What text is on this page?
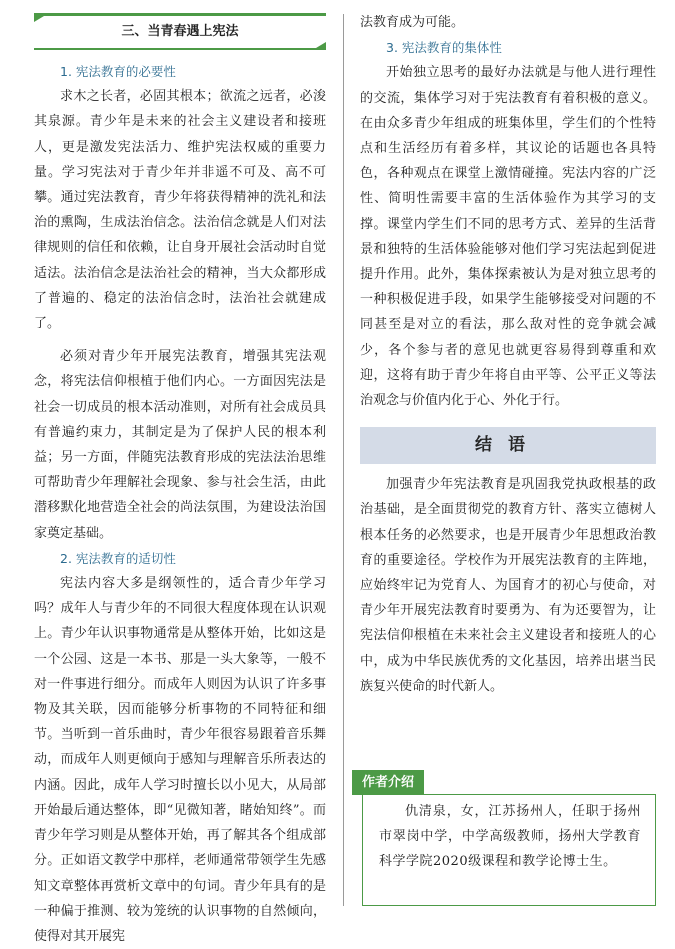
三、当青春遇上宪法

1. 宪法教育的必要性

求木之长者，必固其根本；欲流之远者，必浚其泉源。青少年是未来的社会主义建设者和接班人，更是激发宪法活力、维护宪法权威的重要力量。学习宪法对于青少年并非遥不可及、高不可攀。通过宪法教育，青少年将获得精神的洗礼和法治的熏陶，生成法治信念。法治信念就是人们对法律规则的信任和依赖，让自身开展社会活动时自觉适法。法治信念是法治社会的精神，当大众都形成了普遍的、稳定的法治信念时，法治社会就建成了。

必须对青少年开展宪法教育，增强其宪法观念，将宪法信仰根植于他们内心。一方面因宪法是社会一切成员的根本活动准则，对所有社会成员具有普遍约束力，其制定是为了保护人民的根本利益；另一方面，伴随宪法教育形成的宪法法治思维可帮助青少年理解社会现象、参与社会生活，由此潜移默化地营造全社会的尚法氛围，为建设法治国家奠定基础。

2. 宪法教育的适切性

宪法内容大多是纲领性的，适合青少年学习吗？成年人与青少年的不同很大程度体现在认识观上。青少年认识事物通常是从整体开始，比如这是一个公园、这是一本书、那是一头大象等，一般不对一件事进行细分。而成年人则因为认识了许多事物及其关联，因而能够分析事物的不同特征和细节。当听到一首乐曲时，青少年很容易跟着音乐舞动，而成年人则更倾向于感知与理解音乐所表达的内涵。因此，成年人学习时擅长以小见大，从局部开始最后通达整体，即“见微知著，睹始知终”。而青少年学习则是从整体开始，再了解其各个组成部分。正如语文教学中那样，老师通常带领学生先感知文章整体再赏析文章中的句词。青少年具有的是一种偏于推测、较为笼统的认识事物的自然倾向，使得对其开展宪

法教育成为可能。

3. 宪法教育的集体性

开始独立思考的最好办法就是与他人进行理性的交流，集体学习对于宪法教育有着积极的意义。在由众多青少年组成的班集体里，学生们的个性特点和生活经历有着多样，其议论的话题也各具特色，各种观点在课堂上激情碰撞。宪法内容的广泛性、简明性需要丰富的生活体验作为其学习的支撑。课堂内学生们不同的思考方式、差异的生活背景和独特的生活体验能够对他们学习宪法起到促进提升作用。此外，集体探索被认为是对独立思考的一种积极促进手段，如果学生能够接受对问题的不同甚至是对立的看法，那么敌对性的竞争就会减少，各个参与者的意见也就更容易得到尊重和欢迎，这将有助于青少年将自由平等、公平正义等法治观念与价值内化于心、外化于行。

结语

加强青少年宪法教育是巩固我党执政根基的政治基础，是全面贯彻党的教育方针、落实立德树人根本任务的必然要求，也是开展青少年思想政治教育的重要途径。学校作为开展宪法教育的主阵地，应始终牢记为党育人、为国育才的初心与使命，对青少年开展宪法教育时要勇为、有为还要智为，让宪法信仰根植在未来社会主义建设者和接班人的心中，成为中华民族优秀的文化基因，培养出堪当民族复兴使命的时代新人。

作者介绍

仇清泉，女，江苏扬州人，任职于扬州市翠岗中学，中学高级教师，扬州大学教育科学学院2020级课程和教学论博士生。
